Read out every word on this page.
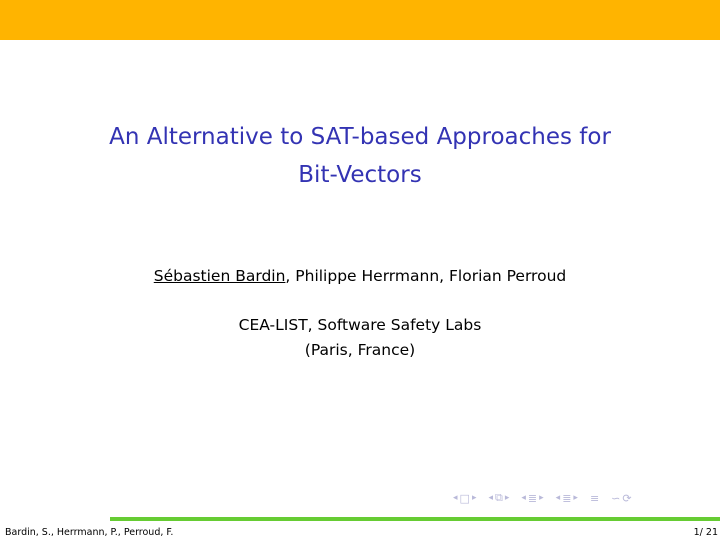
An Alternative to SAT-based Approaches for
Bit-Vectors
Sébastien Bardin, Philippe Herrmann, Florian Perroud
CEA-LIST, Software Safety Labs
(Paris, France)
◂ □ ▸ ◂ ⧉ ▸ ◂ ≣ ▸ ◂ ≣ ▸ ≡ ∽ ⟳
Bardin, S., Herrmann, P., Perroud, F.	1/ 21
